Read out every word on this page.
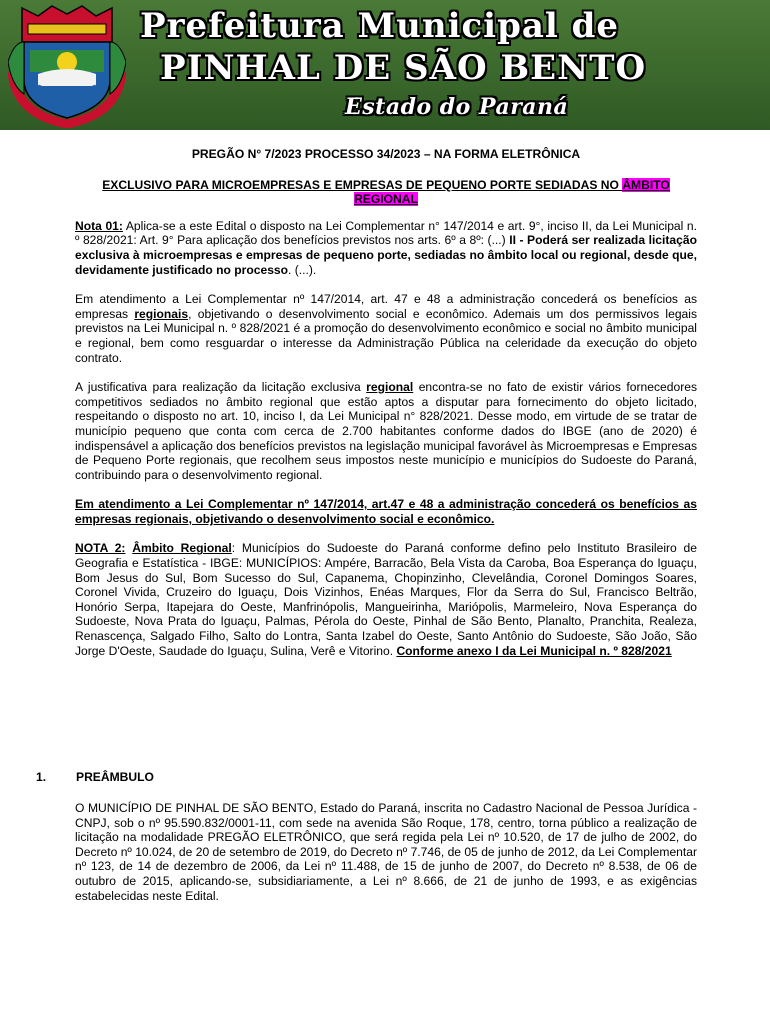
Prefeitura Municipal de
PINHAL DE SÃO BENTO
Estado do Paraná

PREGÃO N° 7/2023 PROCESSO 34/2023 – NA FORMA ELETRÔNICA

EXCLUSIVO PARA MICROEMPRESAS E EMPRESAS DE PEQUENO PORTE SEDIADAS NO ÂMBITO REGIONAL

Nota 01: Aplica-se a este Edital o disposto na Lei Complementar n° 147/2014 e art. 9°, inciso II, da Lei Municipal n. º 828/2021: Art. 9° Para aplicação dos benefícios previstos nos arts. 6º a 8º: (...) II - Poderá ser realizada licitação exclusiva à microempresas e empresas de pequeno porte, sediadas no âmbito local ou regional, desde que, devidamente justificado no processo. (...).

Em atendimento a Lei Complementar nº 147/2014, art. 47 e 48 a administração concederá os benefícios as empresas regionais, objetivando o desenvolvimento social e econômico. Ademais um dos permissivos legais previstos na Lei Municipal n. º 828/2021 é a promoção do desenvolvimento econômico e social no âmbito municipal e regional, bem como resguardar o interesse da Administração Pública na celeridade da execução do objeto contrato.

A justificativa para realização da licitação exclusiva regional encontra-se no fato de existir vários fornecedores competitivos sediados no âmbito regional que estão aptos a disputar para fornecimento do objeto licitado, respeitando o disposto no art. 10, inciso I, da Lei Municipal n° 828/2021. Desse modo, em virtude de se tratar de município pequeno que conta com cerca de 2.700 habitantes conforme dados do IBGE (ano de 2020) é indispensável a aplicação dos benefícios previstos na legislação municipal favorável às Microempresas e Empresas de Pequeno Porte regionais, que recolhem seus impostos neste município e municípios do Sudoeste do Paraná, contribuindo para o desenvolvimento regional.

Em atendimento a Lei Complementar nº 147/2014, art.47 e 48 a administração concederá os benefícios as empresas regionais, objetivando o desenvolvimento social e econômico.

NOTA 2: Âmbito Regional: Municípios do Sudoeste do Paraná conforme defino pelo Instituto Brasileiro de Geografia e Estatística - IBGE: MUNICÍPIOS: Ampére, Barracão, Bela Vista da Caroba, Boa Esperança do Iguaçu, Bom Jesus do Sul, Bom Sucesso do Sul, Capanema, Chopinzinho, Clevelândia, Coronel Domingos Soares, Coronel Vivida, Cruzeiro do Iguaçu, Dois Vizinhos, Enéas Marques, Flor da Serra do Sul, Francisco Beltrão, Honório Serpa, Itapejara do Oeste, Manfrinópolis, Mangueirinha, Mariópolis, Marmeleiro, Nova Esperança do Sudoeste, Nova Prata do Iguaçu, Palmas, Pérola do Oeste, Pinhal de São Bento, Planalto, Pranchita, Realeza, Renascença, Salgado Filho, Salto do Lontra, Santa Izabel do Oeste, Santo Antônio do Sudoeste, São João, São Jorge D'Oeste, Saudade do Iguaçu, Sulina, Verê e Vitorino. Conforme anexo I da Lei Municipal n. º 828/2021

1. PREÂMBULO

O MUNICÍPIO DE PINHAL DE SÃO BENTO, Estado do Paraná, inscrita no Cadastro Nacional de Pessoa Jurídica - CNPJ, sob o nº 95.590.832/0001-11, com sede na avenida São Roque, 178, centro, torna público a realização de licitação na modalidade PREGÃO ELETRÔNICO, que será regida pela Lei nº 10.520, de 17 de julho de 2002, do Decreto nº 10.024, de 20 de setembro de 2019, do Decreto nº 7.746, de 05 de junho de 2012, da Lei Complementar nº 123, de 14 de dezembro de 2006, da Lei nº 11.488, de 15 de junho de 2007, do Decreto nº 8.538, de 06 de outubro de 2015, aplicando-se, subsidiariamente, a Lei nº 8.666, de 21 de junho de 1993, e as exigências estabelecidas neste Edital.
